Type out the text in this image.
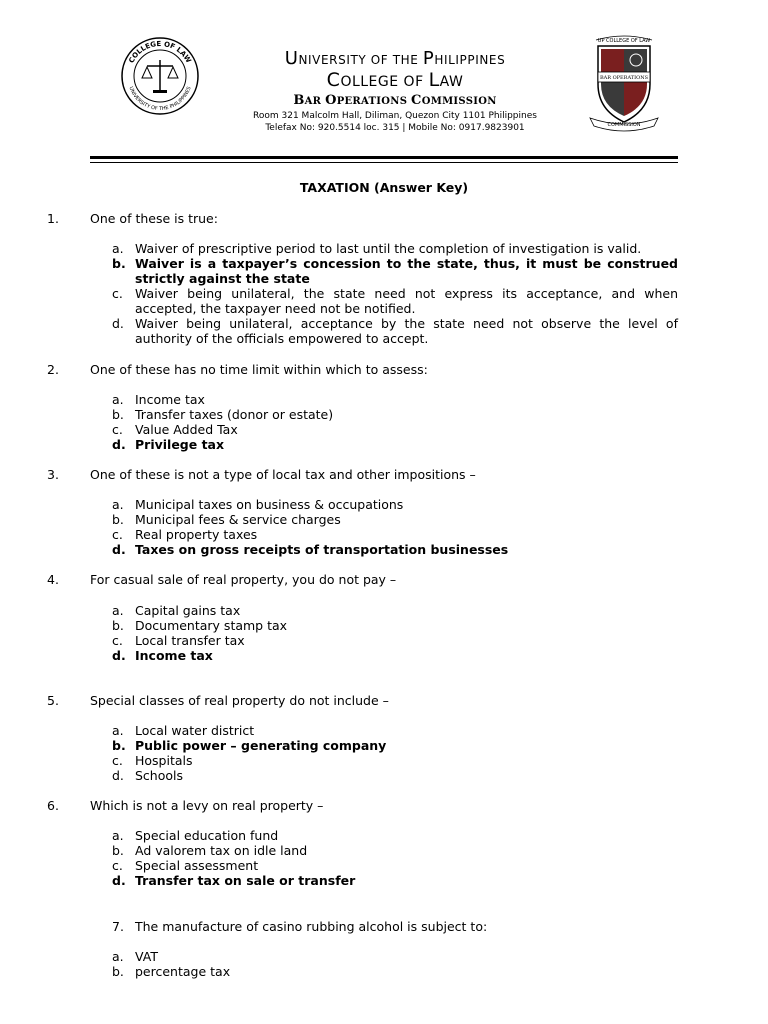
COLLEGE OF LAW
UNIVERSITY OF THE PHILIPPINES
UNIVERSITY OF THE PHILIPPINES
COLLEGE OF LAW
BAR OPERATIONS COMMISSION
Room 321 Malcolm Hall, Diliman, Quezon City 1101 Philippines
Telefax No: 920.5514 loc. 315 | Mobile No: 0917.9823901
UP COLLEGE OF LAW
BAR OPERATIONS
COMMISSION
TAXATION (Answer Key)
1. One of these is true:
a. Waiver of prescriptive period to last until the completion of investigation is valid.
b. Waiver is a taxpayer’s concession to the state, thus, it must be construed strictly against the state
c. Waiver being unilateral, the state need not express its acceptance, and when accepted, the taxpayer need not be notified.
d. Waiver being unilateral, acceptance by the state need not observe the level of authority of the officials empowered to accept.
2. One of these has no time limit within which to assess:
a. Income tax
b. Transfer taxes (donor or estate)
c. Value Added Tax
d. Privilege tax
3. One of these is not a type of local tax and other impositions –
a. Municipal taxes on business & occupations
b. Municipal fees & service charges
c. Real property taxes
d. Taxes on gross receipts of transportation businesses
4. For casual sale of real property, you do not pay –
a. Capital gains tax
b. Documentary stamp tax
c. Local transfer tax
d. Income tax
5. Special classes of real property do not include –
a. Local water district
b. Public power – generating company
c. Hospitals
d. Schools
6. Which is not a levy on real property –
a. Special education fund
b. Ad valorem tax on idle land
c. Special assessment
d. Transfer tax on sale or transfer
7. The manufacture of casino rubbing alcohol is subject to:
a. VAT
b. percentage tax
